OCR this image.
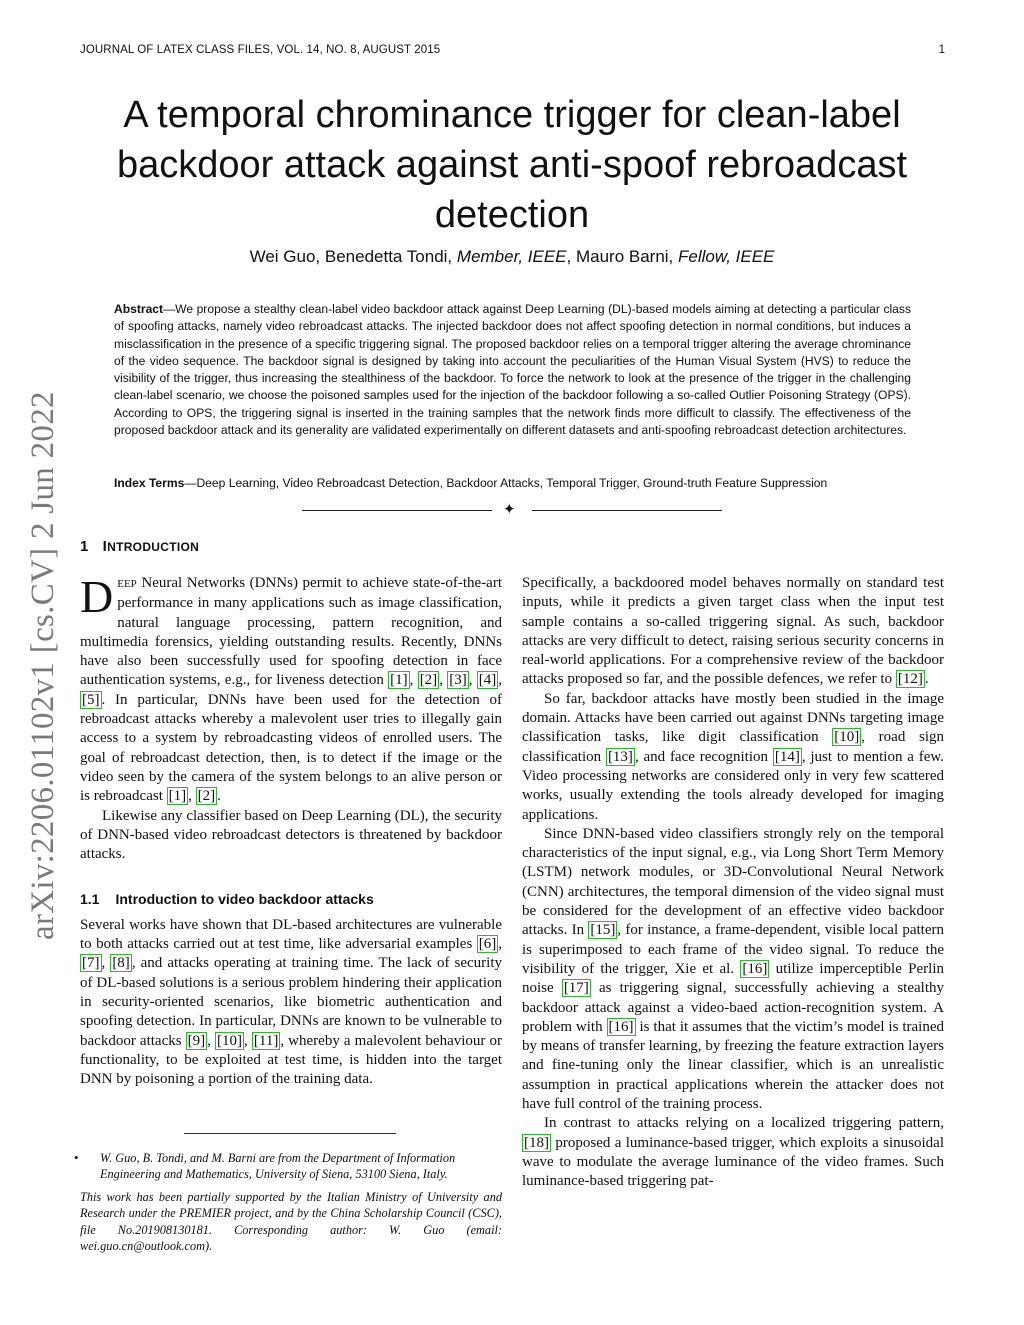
JOURNAL OF LATEX CLASS FILES, VOL. 14, NO. 8, AUGUST 2015	1
arXiv:2206.01102v1 [cs.CV] 2 Jun 2022
A temporal chrominance trigger for clean-label backdoor attack against anti-spoof rebroadcast detection
Wei Guo, Benedetta Tondi, Member, IEEE, Mauro Barni, Fellow, IEEE
Abstract—We propose a stealthy clean-label video backdoor attack against Deep Learning (DL)-based models aiming at detecting a particular class of spoofing attacks, namely video rebroadcast attacks. The injected backdoor does not affect spoofing detection in normal conditions, but induces a misclassification in the presence of a specific triggering signal. The proposed backdoor relies on a temporal trigger altering the average chrominance of the video sequence. The backdoor signal is designed by taking into account the peculiarities of the Human Visual System (HVS) to reduce the visibility of the trigger, thus increasing the stealthiness of the backdoor. To force the network to look at the presence of the trigger in the challenging clean-label scenario, we choose the poisoned samples used for the injection of the backdoor following a so-called Outlier Poisoning Strategy (OPS). According to OPS, the triggering signal is inserted in the training samples that the network finds more difficult to classify. The effectiveness of the proposed backdoor attack and its generality are validated experimentally on different datasets and anti-spoofing rebroadcast detection architectures.
Index Terms—Deep Learning, Video Rebroadcast Detection, Backdoor Attacks, Temporal Trigger, Ground-truth Feature Suppression
✦
1 INTRODUCTION

DEEP Neural Networks (DNNs) permit to achieve state-of-the-art performance in many applications such as image classification, natural language processing, pattern recognition, and multimedia forensics, yielding outstanding results. Recently, DNNs have also been successfully used for spoofing detection in face authentication systems, e.g., for liveness detection [1] , [2] , [3] , [4] , [5] . In particular, DNNs have been used for the detection of rebroadcast attacks whereby a malevolent user tries to illegally gain access to a system by rebroadcasting videos of enrolled users. The goal of rebroadcast detection, then, is to detect if the image or the video seen by the camera of the system belongs to an alive person or is rebroadcast [1] , [2] .

Likewise any classifier based on Deep Learning (DL), the security of DNN-based video rebroadcast detectors is threatened by backdoor attacks.

1.1 Introduction to video backdoor attacks

Several works have shown that DL-based architectures are vulnerable to both attacks carried out at test time, like adversarial examples [6] , [7] , [8] , and attacks operating at training time. The lack of security of DL-based solutions is a serious problem hindering their application in security-oriented scenarios, like biometric authentication and spoofing detection. In particular, DNNs are known to be vulnerable to backdoor attacks [9] , [10] , [11] , whereby a malevolent behaviour or functionality, to be exploited at test time, is hidden into the target DNN by poisoning a portion of the training data.

Specifically, a backdoored model behaves normally on standard test inputs, while it predicts a given target class when the input test sample contains a so-called triggering signal. As such, backdoor attacks are very difficult to detect, raising serious security concerns in real-world applications. For a comprehensive review of the backdoor attacks proposed so far, and the possible defences, we refer to [12] .

So far, backdoor attacks have mostly been studied in the image domain. Attacks have been carried out against DNNs targeting image classification tasks, like digit classification [10] , road sign classification [13] , and face recognition [14] , just to mention a few. Video processing networks are considered only in very few scattered works, usually extending the tools already developed for imaging applications.

Since DNN-based video classifiers strongly rely on the temporal characteristics of the input signal, e.g., via Long Short Term Memory (LSTM) network modules, or 3D-Convolutional Neural Network (CNN) architectures, the temporal dimension of the video signal must be considered for the development of an effective video backdoor attacks. In [15] , for instance, a frame-dependent, visible local pattern is superimposed to each frame of the video signal. To reduce the visibility of the trigger, Xie et al. [16] utilize imperceptible Perlin noise [17] as triggering signal, successfully achieving a stealthy backdoor attack against a video-baed action-recognition system. A problem with [16] is that it assumes that the victim’s model is trained by means of transfer learning, by freezing the feature extraction layers and fine-tuning only the linear classifier, which is an unrealistic assumption in practical applications wherein the attacker does not have full control of the training process.

In contrast to attacks relying on a localized triggering pattern, [18] proposed a luminance-based trigger, which exploits a sinusoidal wave to modulate the average luminance of the video frames. Such luminance-based triggering pat-

• W. Guo, B. Tondi, and M. Barni are from the Department of Information Engineering and Mathematics, University of Siena, 53100 Siena, Italy.
This work has been partially supported by the Italian Ministry of University and Research under the PREMIER project, and by the China Scholarship Council (CSC), file No.201908130181. Corresponding author: W. Guo (email: wei.guo.cn@outlook.com).
